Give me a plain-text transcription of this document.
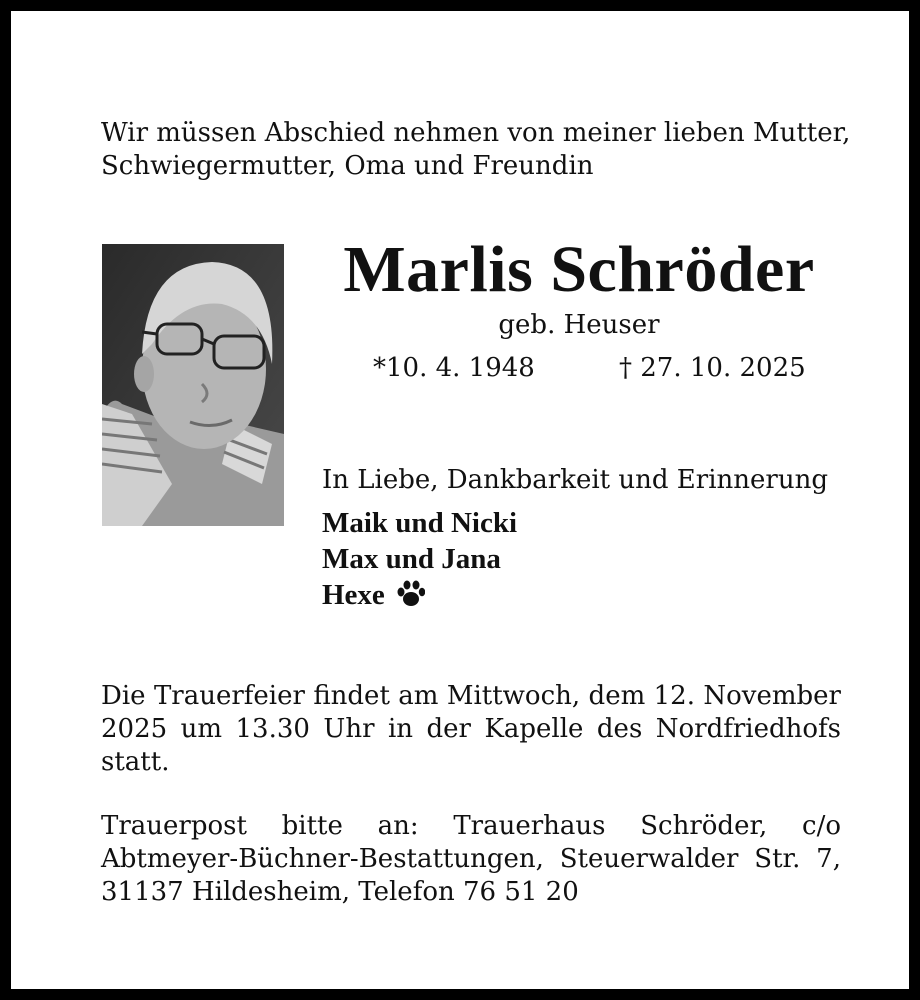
Wir müssen Abschied nehmen von meiner lieben Mutter,
Schwiegermutter, Oma und Freundin
Marlis Schröder
geb. Heuser
*10. 4. 1948	† 27. 10. 2025
In Liebe, Dankbarkeit und Erinnerung
Maik und Nicki
Max und Jana
Hexe
Die Trauerfeier findet am Mittwoch, dem 12. November 2025 um 13.30 Uhr in der Kapelle des Nordfriedhofs statt.
Trauerpost bitte an: Trauerhaus Schröder, c/o Abtmeyer-Büchner-Bestattungen, Steuerwalder Str. 7, 31137 Hildesheim, Telefon 76 51 20
